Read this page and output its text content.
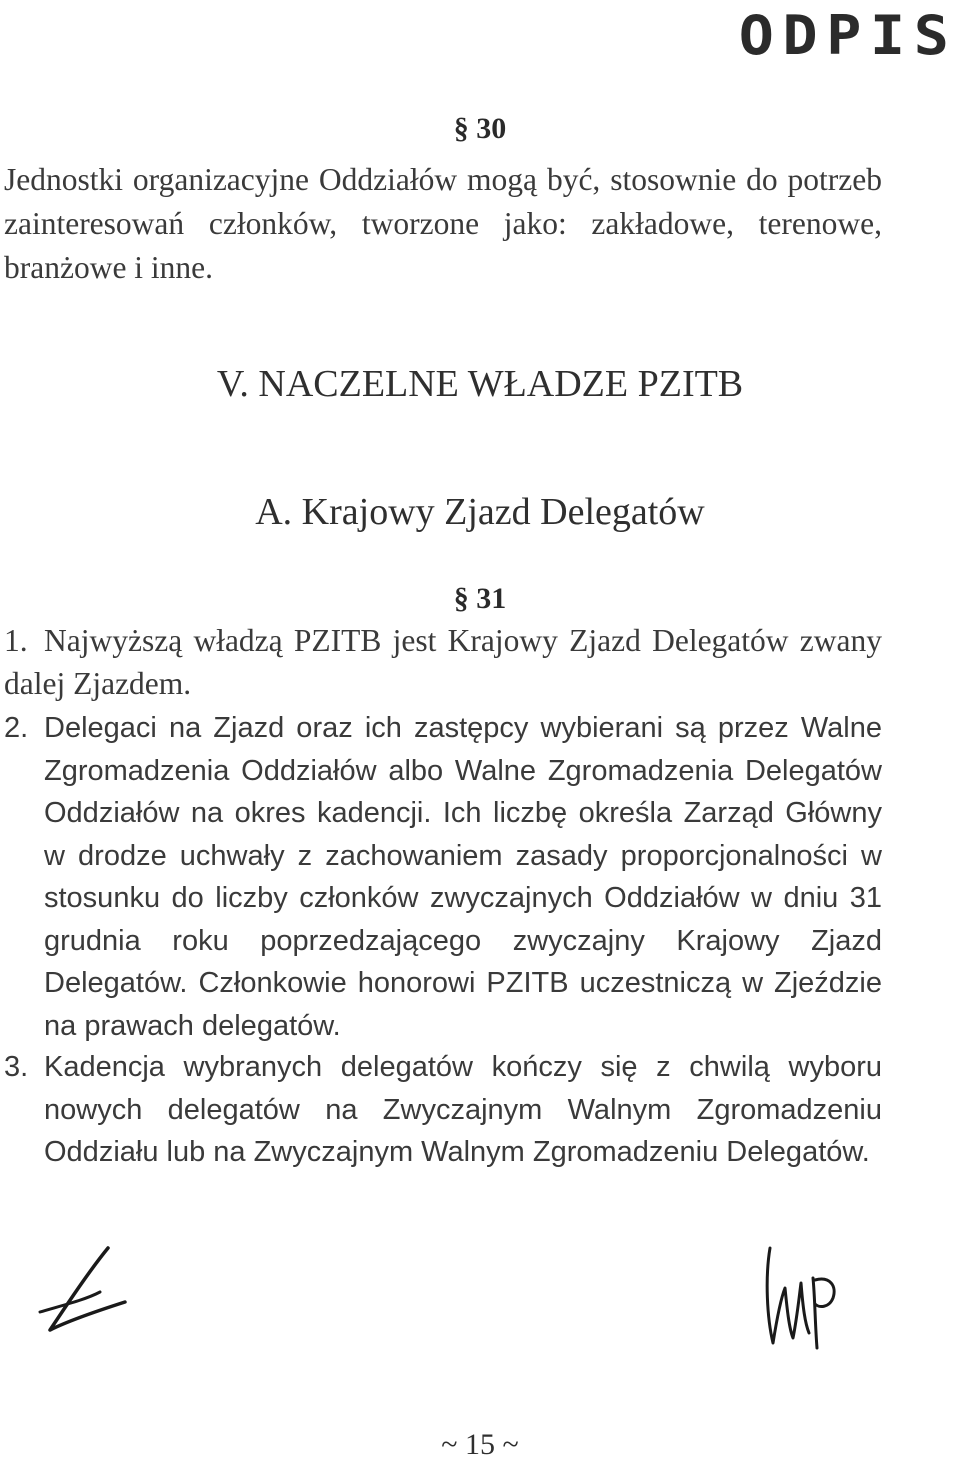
ODPIS
§ 30
Jednostki organizacyjne Oddziałów mogą być, stosownie do potrzeb zainteresowań członków, tworzone jako: zakładowe, terenowe, branżowe i inne.
V. NACZELNE WŁADZE PZITB
A. Krajowy Zjazd Delegatów
§ 31
1. Najwyższą władzą PZITB jest Krajowy Zjazd Delegatów zwany dalej Zjazdem.
2. Delegaci na Zjazd oraz ich zastępcy wybierani są przez Walne Zgromadzenia Oddziałów albo Walne Zgromadzenia Delegatów Oddziałów na okres kadencji. Ich liczbę określa Zarząd Główny w drodze uchwały z zachowaniem zasady proporcjonalności w stosunku do liczby członków zwyczajnych Oddziałów w dniu 31 grudnia roku poprzedzającego zwyczajny Krajowy Zjazd Delegatów. Członkowie honorowi PZITB uczestniczą w Zjeździe na prawach delegatów.
3. Kadencja wybranych delegatów kończy się z chwilą wyboru nowych delegatów na Zwyczajnym Walnym Zgromadzeniu Oddziału lub na Zwyczajnym Walnym Zgromadzeniu Delegatów.
~ 15 ~
